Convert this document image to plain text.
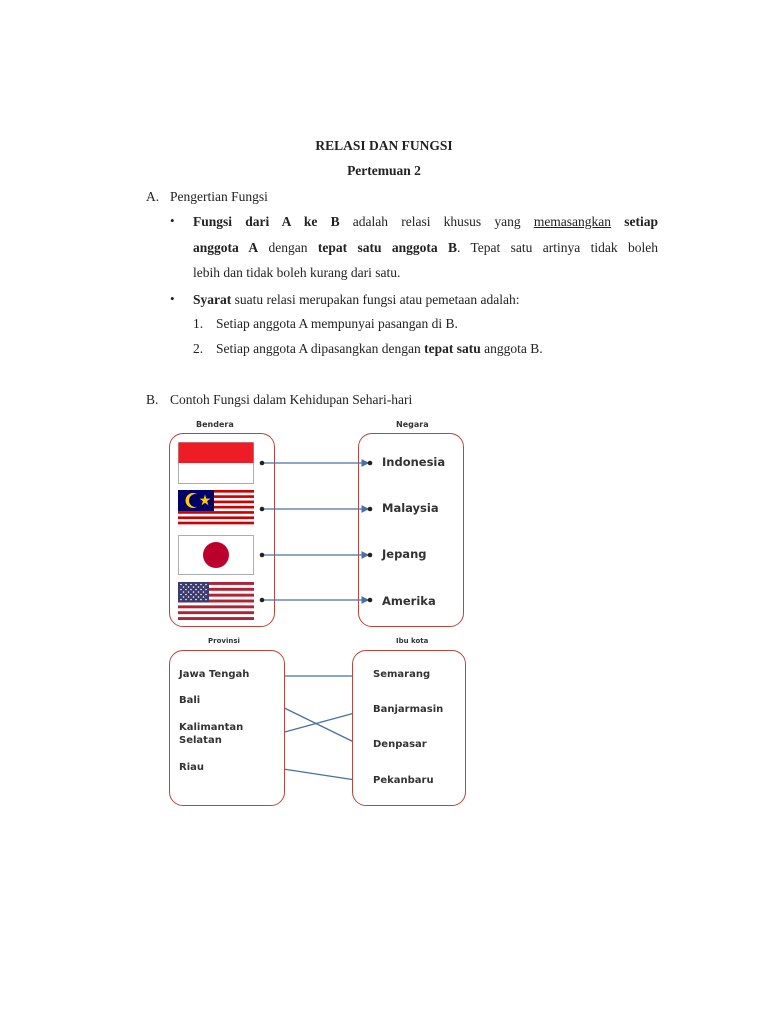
RELASI DAN FUNGSI
Pertemuan 2
A. Pengertian Fungsi
• Fungsi dari A ke B adalah relasi khusus yang memasangkan setiap
anggota A dengan tepat satu anggota B. Tepat satu artinya tidak boleh
lebih dan tidak boleh kurang dari satu.
• Syarat suatu relasi merupakan fungsi atau pemetaan adalah:
1. Setiap anggota A mempunyai pasangan di B.
2. Setiap anggota A dipasangkan dengan tepat satu anggota B.
B. Contoh Fungsi dalam Kehidupan Sehari-hari
Bendera	Negara
Indonesia
Malaysia
Jepang
Amerika
Provinsi	Ibu kota
Jawa Tengah
Bali
Kalimantan
Selatan
Riau
Semarang
Banjarmasin
Denpasar
Pekanbaru
